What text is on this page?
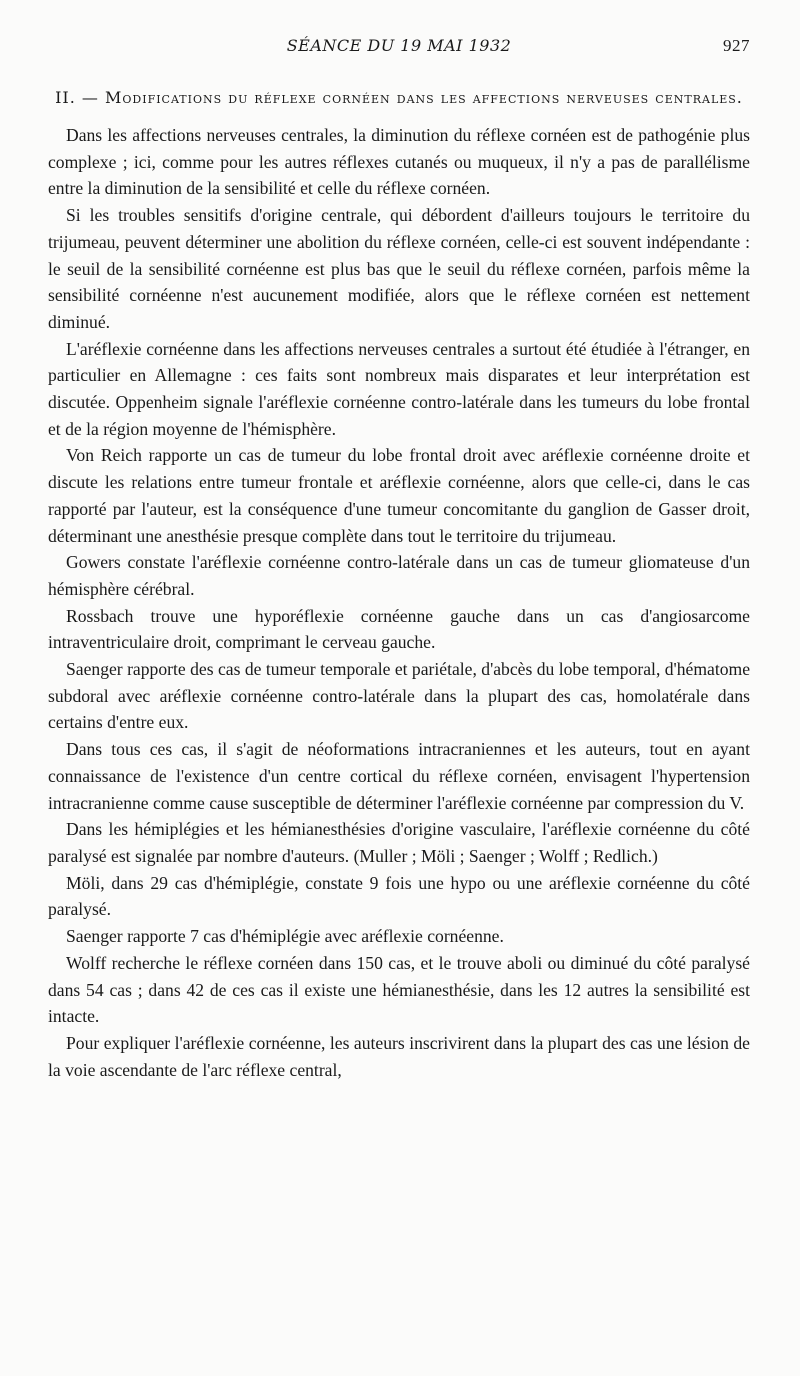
SÉANCE DU 19 MAI 1932	927
II. — Modifications du réflexe cornéen dans les affections nerveuses centrales.

Dans les affections nerveuses centrales, la diminution du réflexe cornéen est de pathogénie plus complexe ; ici, comme pour les autres réflexes cutanés ou muqueux, il n'y a pas de parallélisme entre la diminution de la sensibilité et celle du réflexe cornéen.

Si les troubles sensitifs d'origine centrale, qui débordent d'ailleurs toujours le territoire du trijumeau, peuvent déterminer une abolition du réflexe cornéen, celle-ci est souvent indépendante : le seuil de la sensibilité cornéenne est plus bas que le seuil du réflexe cornéen, parfois même la sensibilité cornéenne n'est aucunement modifiée, alors que le réflexe cornéen est nettement diminué.

L'aréflexie cornéenne dans les affections nerveuses centrales a surtout été étudiée à l'étranger, en particulier en Allemagne : ces faits sont nombreux mais disparates et leur interprétation est discutée. Oppenheim signale l'aréflexie cornéenne contro-latérale dans les tumeurs du lobe frontal et de la région moyenne de l'hémisphère.

Von Reich rapporte un cas de tumeur du lobe frontal droit avec aréflexie cornéenne droite et discute les relations entre tumeur frontale et aréflexie cornéenne, alors que celle-ci, dans le cas rapporté par l'auteur, est la conséquence d'une tumeur concomitante du ganglion de Gasser droit, déterminant une anesthésie presque complète dans tout le territoire du trijumeau.

Gowers constate l'aréflexie cornéenne contro-latérale dans un cas de tumeur gliomateuse d'un hémisphère cérébral.

Rossbach trouve une hyporéflexie cornéenne gauche dans un cas d'angiosarcome intraventriculaire droit, comprimant le cerveau gauche.

Saenger rapporte des cas de tumeur temporale et pariétale, d'abcès du lobe temporal, d'hématome subdoral avec aréflexie cornéenne contro-latérale dans la plupart des cas, homolatérale dans certains d'entre eux.

Dans tous ces cas, il s'agit de néoformations intracraniennes et les auteurs, tout en ayant connaissance de l'existence d'un centre cortical du réflexe cornéen, envisagent l'hypertension intracranienne comme cause susceptible de déterminer l'aréflexie cornéenne par compression du V.

Dans les hémiplégies et les hémianesthésies d'origine vasculaire, l'aréflexie cornéenne du côté paralysé est signalée par nombre d'auteurs. (Muller ; Möli ; Saenger ; Wolff ; Redlich.)

Möli, dans 29 cas d'hémiplégie, constate 9 fois une hypo ou une aréflexie cornéenne du côté paralysé.

Saenger rapporte 7 cas d'hémiplégie avec aréflexie cornéenne.

Wolff recherche le réflexe cornéen dans 150 cas, et le trouve aboli ou diminué du côté paralysé dans 54 cas ; dans 42 de ces cas il existe une hémianesthésie, dans les 12 autres la sensibilité est intacte.

Pour expliquer l'aréflexie cornéenne, les auteurs inscrivirent dans la plupart des cas une lésion de la voie ascendante de l'arc réflexe central,
